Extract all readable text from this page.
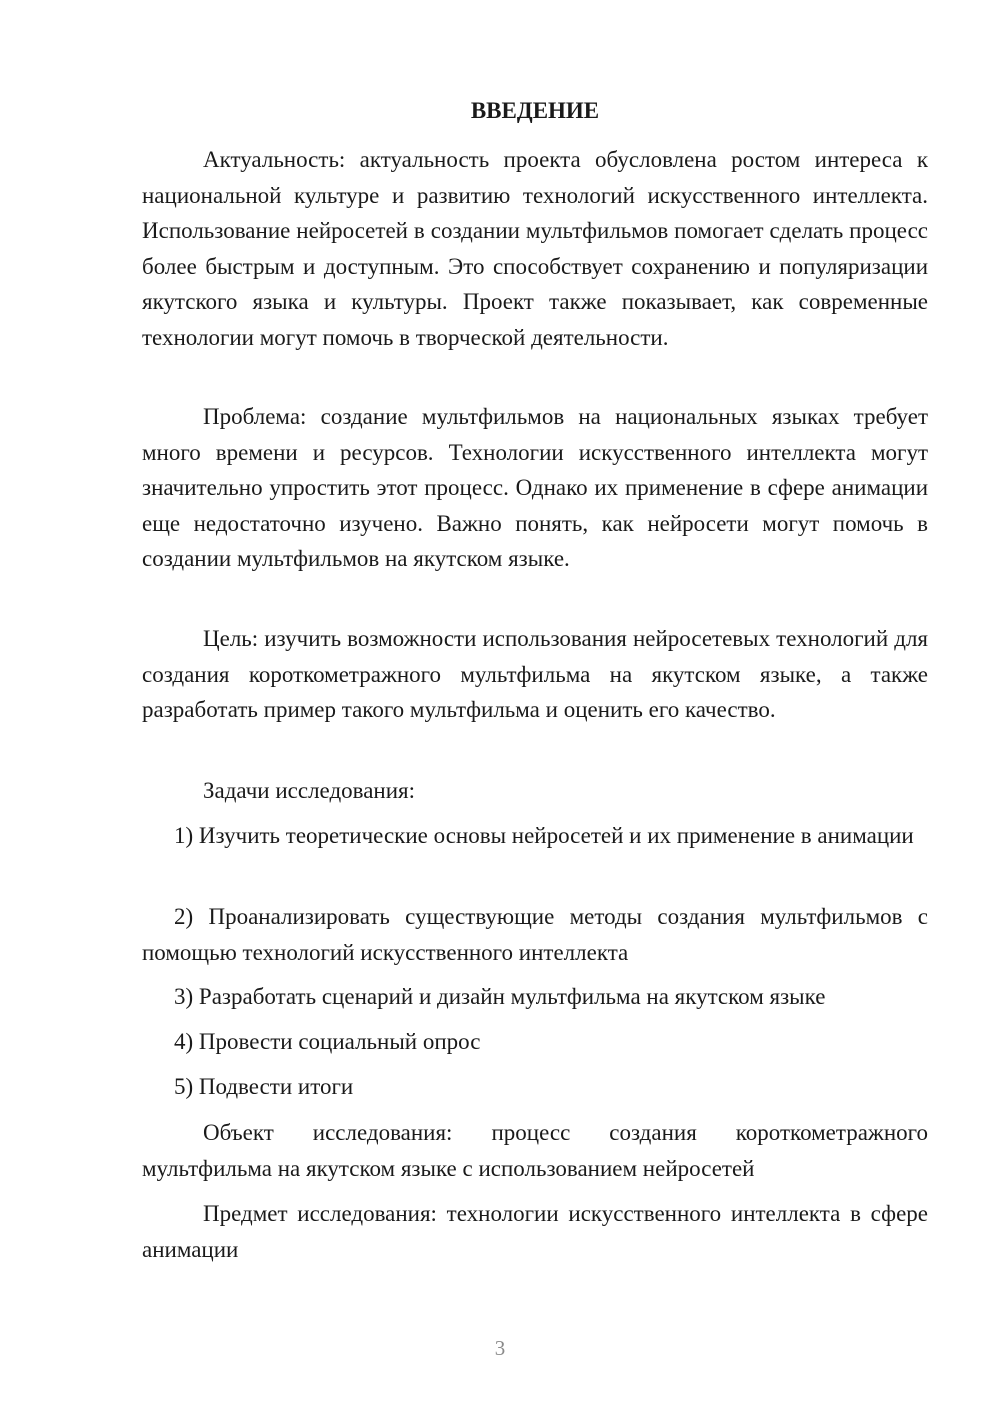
ВВЕДЕНИЕ

Актуальность: актуальность проекта обусловлена ростом интереса к национальной культуре и развитию технологий искусственного интеллекта. Использование нейросетей в создании мультфильмов помогает сделать процесс более быстрым и доступным. Это способствует сохранению и популяризации якутского языка и культуры. Проект также показывает, как современные технологии могут помочь в творческой деятельности.

Проблема: создание мультфильмов на национальных языках требует много времени и ресурсов. Технологии искусственного интеллекта могут значительно упростить этот процесс. Однако их применение в сфере анимации еще недостаточно изучено. Важно понять, как нейросети могут помочь в создании мультфильмов на якутском языке.

Цель: изучить возможности использования нейросетевых технологий для создания короткометражного мультфильма на якутском языке, а также разработать пример такого мультфильма и оценить его качество.

Задачи исследования:

1) Изучить теоретические основы нейросетей и их применение в анимации

2) Проанализировать существующие методы создания мультфильмов с помощью технологий искусственного интеллекта

3) Разработать сценарий и дизайн мультфильма на якутском языке

4) Провести социальный опрос

5) Подвести итоги

Объект исследования: процесс создания короткометражного мультфильма на якутском языке с использованием нейросетей

Предмет исследования: технологии искусственного интеллекта в сфере анимации

3
